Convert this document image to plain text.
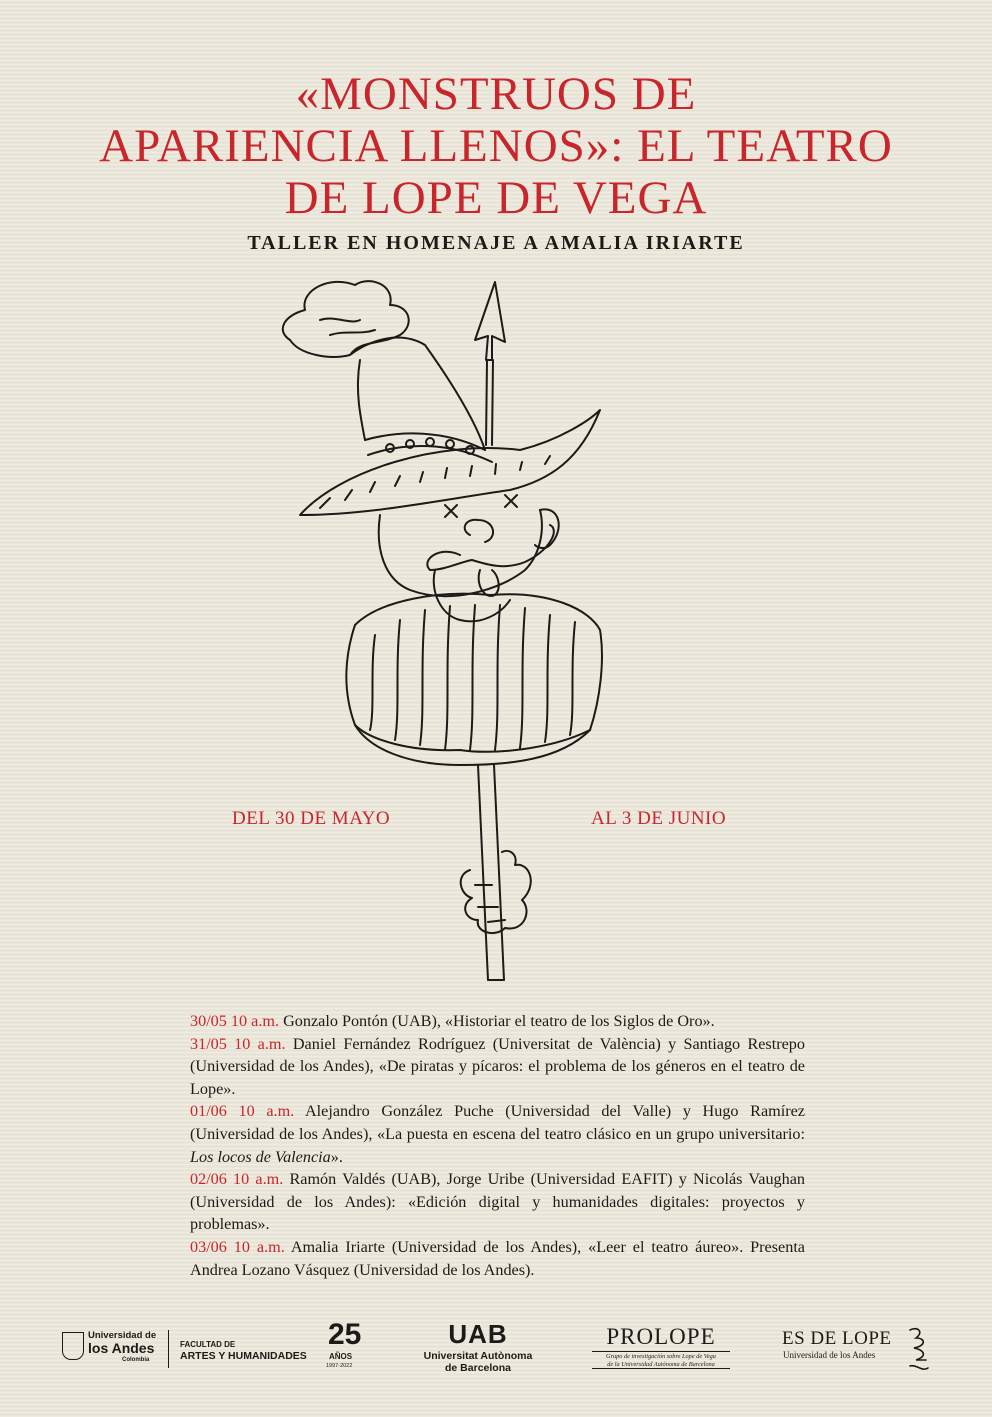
«MONSTRUOS DE
APARIENCIA LLENOS»: EL TEATRO
DE LOPE DE VEGA
TALLER EN HOMENAJE A AMALIA IRIARTE
DEL 30 DE MAYO	AL 3 DE JUNIO

30/05 10 a.m. Gonzalo Pontón (UAB), «Historiar el teatro de los Siglos de Oro».

31/05 10 a.m. Daniel Fernández Rodríguez (Universitat de València) y Santiago Restrepo (Universidad de los Andes), «De piratas y pícaros: el problema de los géneros en el teatro de Lope».

01/06 10 a.m. Alejandro González Puche (Universidad del Valle) y Hugo Ramírez (Universidad de los Andes), «La puesta en escena del teatro clásico en un grupo universitario: Los locos de Valencia».

02/06 10 a.m. Ramón Valdés (UAB), Jorge Uribe (Universidad EAFIT) y Nicolás Vaughan (Universidad de los Andes): «Edición digital y humanidades digitales: proyectos y problemas».

03/06 10 a.m. Amalia Iriarte (Universidad de los Andes), «Leer el teatro áureo». Presenta Andrea Lozano Vásquez (Universidad de los Andes).

Universidad de
los Andes
Colombia
FACULTAD DE
ARTES Y HUMANIDADES
25
AÑOS
1997-2022
UAB
Universitat Autònoma
de Barcelona
PROLOPE
Grupo de investigación sobre Lope de Vega
de la Universidad Autónoma de Barcelona
ES DE LOPE
Universidad de los Andes
